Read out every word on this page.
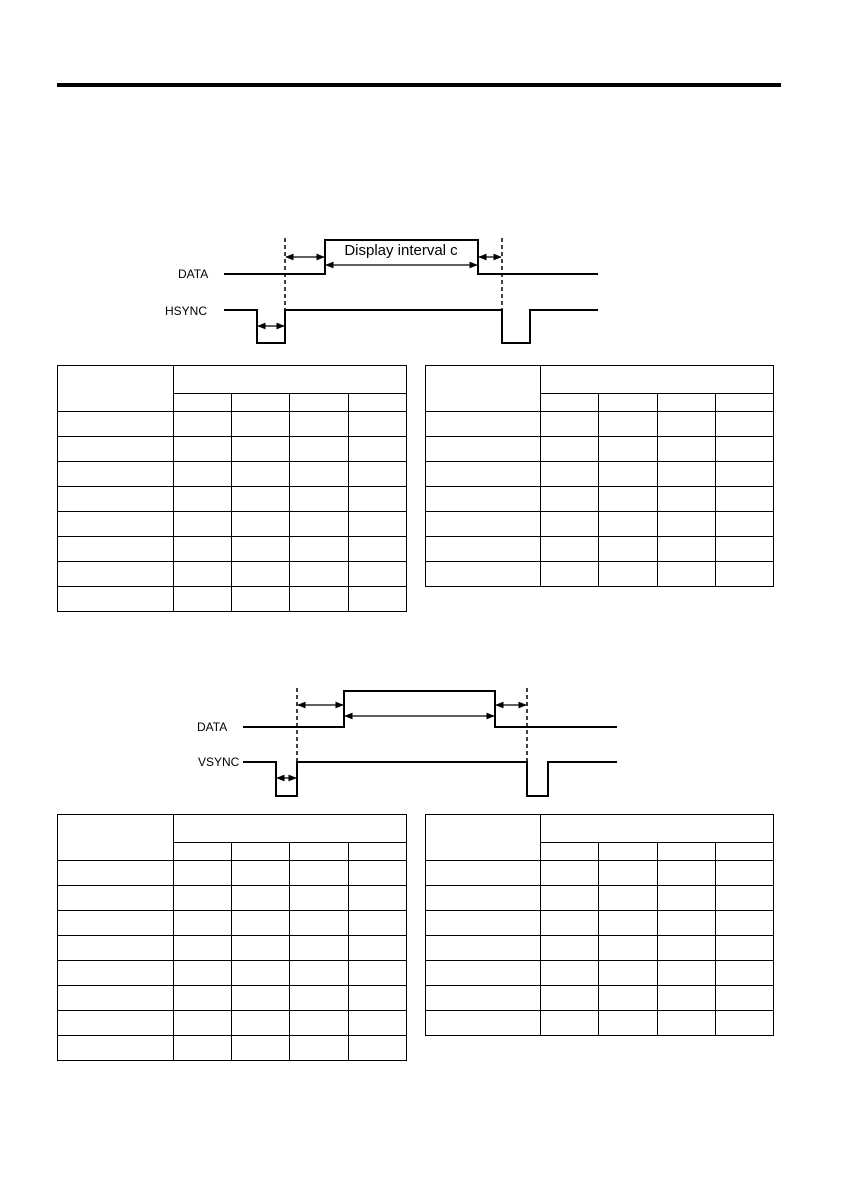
DATA
HSYNC
Display interval c
DATA
VSYNC
